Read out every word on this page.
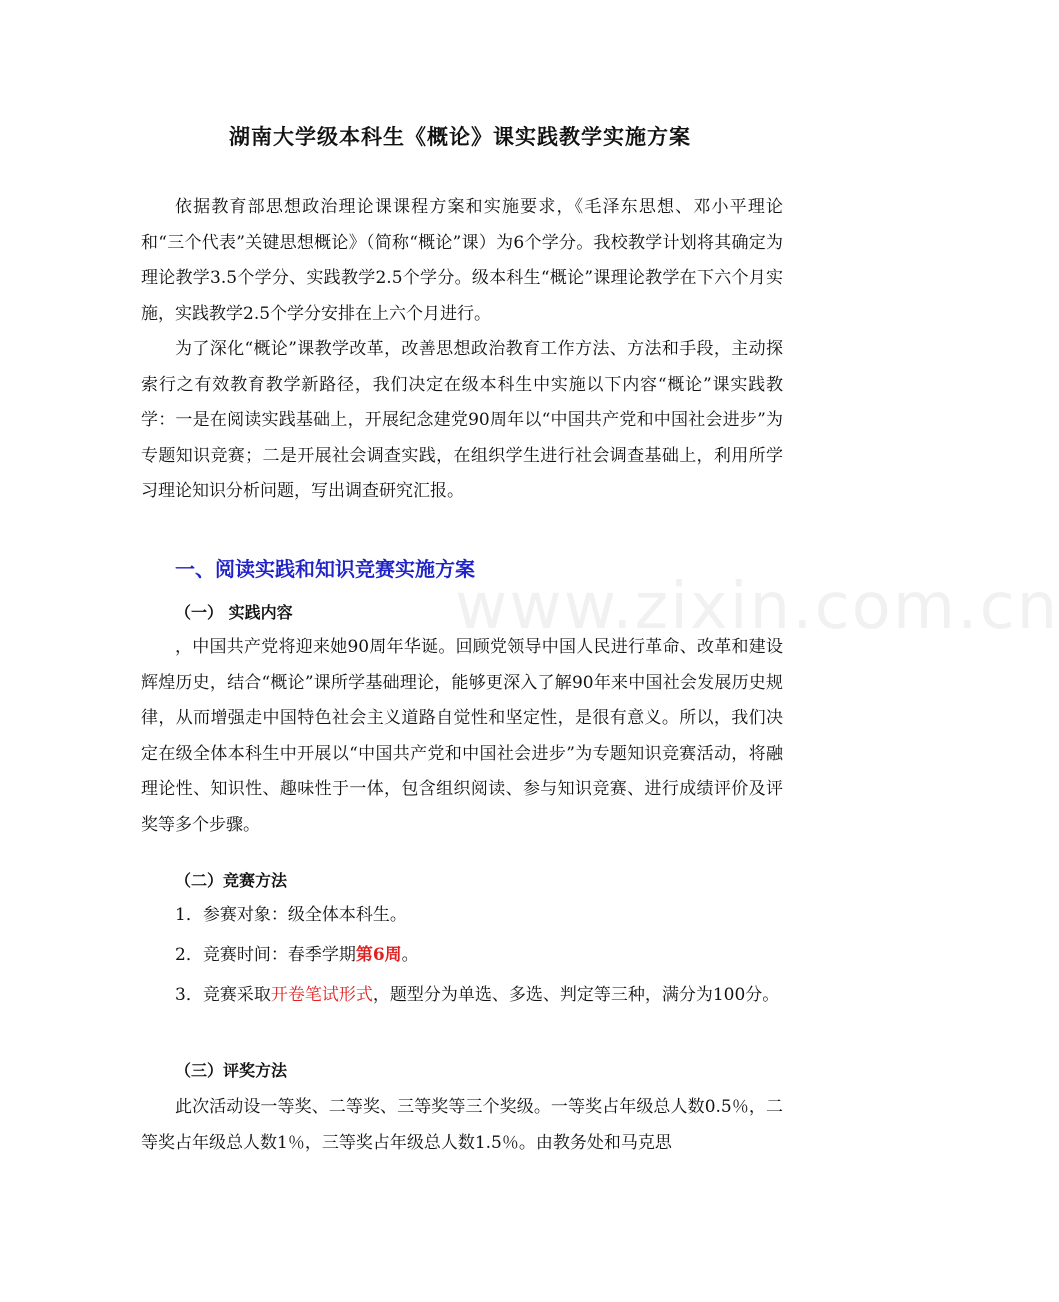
湖南大学级本科生《概论》课实践教学实施方案

依据教育部思想政治理论课课程方案和实施要求，《毛泽东思想、邓小平理论和“三个代表”关键思想概论》（简称“概论”课）为6个学分。我校教学计划将其确定为理论教学3.5个学分、实践教学2.5个学分。级本科生“概论”课理论教学在下六个月实施，实践教学2.5个学分安排在上六个月进行。

为了深化“概论”课教学改革，改善思想政治教育工作方法、方法和手段，主动探索行之有效教育教学新路径，我们决定在级本科生中实施以下内容“概论”课实践教学：一是在阅读实践基础上，开展纪念建党90周年以“中国共产党和中国社会进步”为专题知识竞赛；二是开展社会调查实践，在组织学生进行社会调查基础上，利用所学习理论知识分析问题，写出调查研究汇报。

一、阅读实践和知识竞赛实施方案
（一） 实践内容

，中国共产党将迎来她90周年华诞。回顾党领导中国人民进行革命、改革和建设辉煌历史，结合“概论”课所学基础理论，能够更深入了解90年来中国社会发展历史规律，从而增强走中国特色社会主义道路自觉性和坚定性，是很有意义。所以，我们决定在级全体本科生中开展以“中国共产党和中国社会进步”为专题知识竞赛活动，将融理论性、知识性、趣味性于一体，包含组织阅读、参与知识竞赛、进行成绩评价及评奖等多个步骤。

（二）竞赛方法

1．参赛对象：级全体本科生。

2．竞赛时间：春季学期第6周。

3．竞赛采取开卷笔试形式，题型分为单选、多选、判定等三种，满分为100分。

（三）评奖方法

此次活动设一等奖、二等奖、三等奖等三个奖级。一等奖占年级总人数0.5％，二等奖占年级总人数1％，三等奖占年级总人数1.5％。由教务处和马克思

www.zixin.com.cn
